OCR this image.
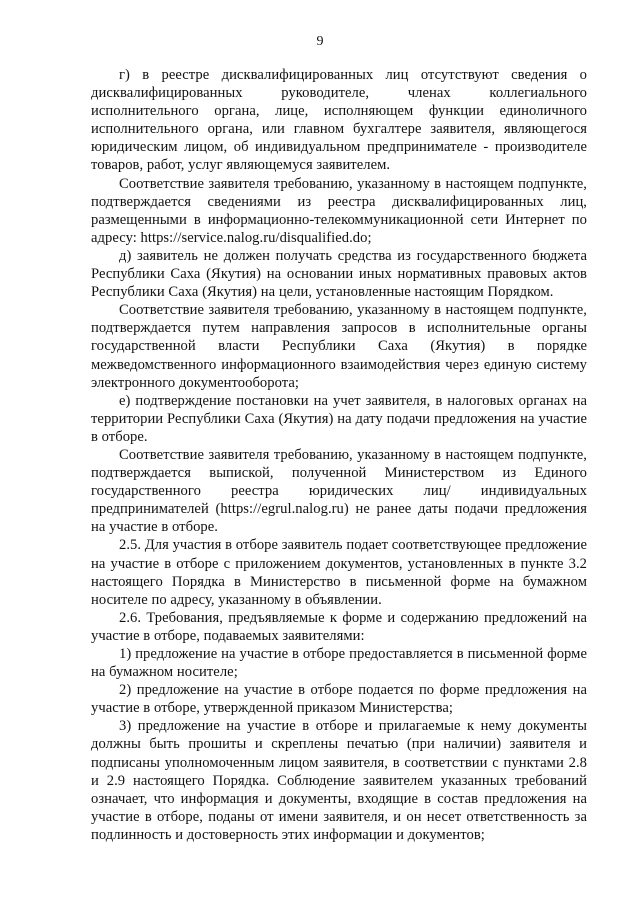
9

г) в реестре дисквалифицированных лиц отсутствуют сведения о дисквалифицированных руководителе, членах коллегиального исполнительного органа, лице, исполняющем функции единоличного исполнительного органа, или главном бухгалтере заявителя, являющегося юридическим лицом, об индивидуальном предпринимателе - производителе товаров, работ, услуг являющемуся заявителем.

Соответствие заявителя требованию, указанному в настоящем подпункте, подтверждается сведениями из реестра дисквалифицированных лиц, размещенными в информационно-телекоммуникационной сети Интернет по адресу: https://service.nalog.ru/disqualified.do;

д) заявитель не должен получать средства из государственного бюджета Республики Саха (Якутия) на основании иных нормативных правовых актов Республики Саха (Якутия) на цели, установленные настоящим Порядком.

Соответствие заявителя требованию, указанному в настоящем подпункте, подтверждается путем направления запросов в исполнительные органы государственной власти Республики Саха (Якутия) в порядке межведомственного информационного взаимодействия через единую систему электронного документооборота;

е) подтверждение постановки на учет заявителя, в налоговых органах на территории Республики Саха (Якутия) на дату подачи предложения на участие в отборе.

Соответствие заявителя требованию, указанному в настоящем подпункте, подтверждается выпиской, полученной Министерством из Единого государственного реестра юридических лиц/ индивидуальных предпринимателей (https://egrul.nalog.ru) не ранее даты подачи предложения на участие в отборе.

2.5. Для участия в отборе заявитель подает соответствующее предложение на участие в отборе с приложением документов, установленных в пункте 3.2 настоящего Порядка в Министерство в письменной форме на бумажном носителе по адресу, указанному в объявлении.

2.6. Требования, предъявляемые к форме и содержанию предложений на участие в отборе, подаваемых заявителями:

1) предложение на участие в отборе предоставляется в письменной форме на бумажном носителе;

2) предложение на участие в отборе подается по форме предложения на участие в отборе, утвержденной приказом Министерства;

3) предложение на участие в отборе и прилагаемые к нему документы должны быть прошиты и скреплены печатью (при наличии) заявителя и подписаны уполномоченным лицом заявителя, в соответствии с пунктами 2.8 и 2.9 настоящего Порядка. Соблюдение заявителем указанных требований означает, что информация и документы, входящие в состав предложения на участие в отборе, поданы от имени заявителя, и он несет ответственность за подлинность и достоверность этих информации и документов;
